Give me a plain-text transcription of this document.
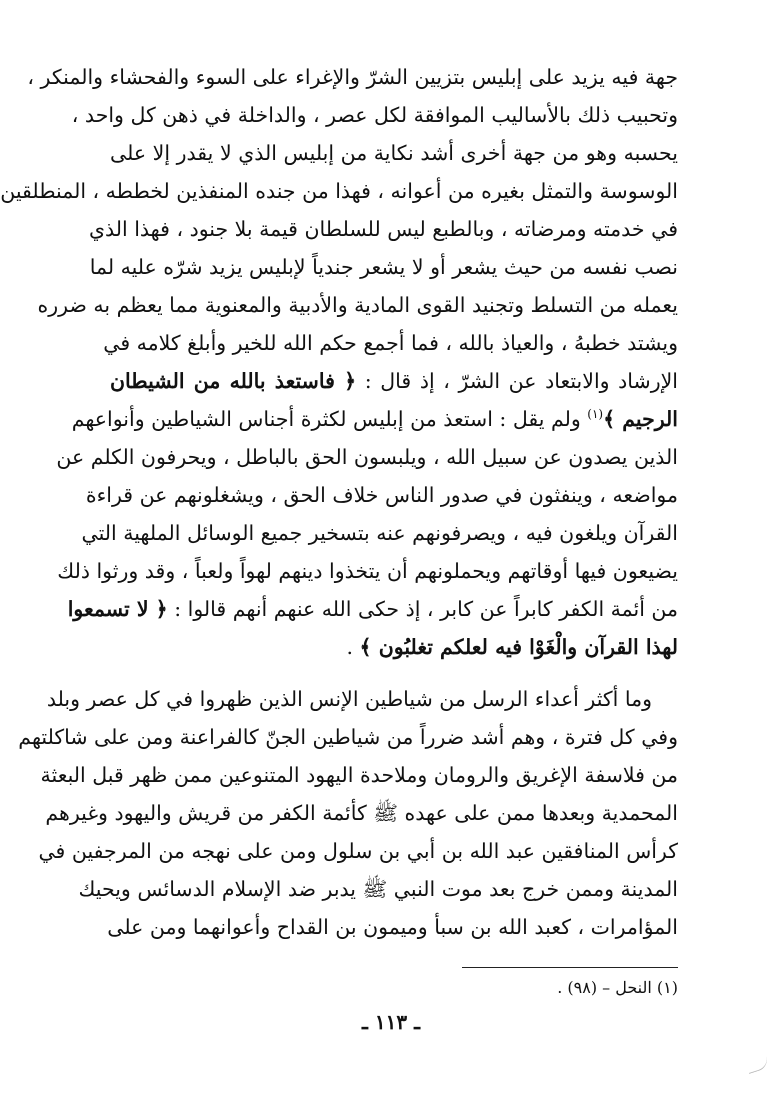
جهة فيه يزيد على إبليس بتزيين الشرّ والإغراء على السوء والفحشاء والمنكر ،
وتحبيب ذلك بالأساليب الموافقة لكل عصر ، والداخلة في ذهن كل واحد ،
يحسبه وهو من جهة أخرى أشد نكاية من إبليس الذي لا يقدر إلا على
الوسوسة والتمثل بغيره من أعوانه ، فهذا من جنده المنفذين لخططه ، المنطلقين
في خدمته ومرضاته ، وبالطبع ليس للسلطان قيمة بلا جنود ، فهذا الذي
نصب نفسه من حيث يشعر أو لا يشعر جندياً لإبليس يزيد شرّه عليه لما
يعمله من التسلط وتجنيد القوى المادية والأدبية والمعنوية مما يعظم به ضرره
ويشتد خطبهُ ، والعياذ بالله ، فما أجمع حكم الله للخير وأبلغ كلامه في
الإرشاد والابتعاد عن الشرّ ، إذ قال : ﴿ فاستعذ بالله من الشيطان
الرجيم ﴾$^{(١)}$ ولم يقل : استعذ من إبليس لكثرة أجناس الشياطين وأنواعهم
الذين يصدون عن سبيل الله ، ويلبسون الحق بالباطل ، ويحرفون الكلم عن
مواضعه ، وينفثون في صدور الناس خلاف الحق ، ويشغلونهم عن قراءة
القرآن ويلغون فيه ، ويصرفونهم عنه بتسخير جميع الوسائل الملهية التي
يضيعون فيها أوقاتهم ويحملونهم أن يتخذوا دينهم لهواً ولعباً ، وقد ورثوا ذلك
من أئمة الكفر كابراً عن كابر ، إذ حكى الله عنهم أنهم قالوا : ﴿ لا تسمعوا
لهذا القرآن والْغَوْا فيه لعلكم تغلبُون ﴾ .
وما أكثر أعداء الرسل من شياطين الإنس الذين ظهروا في كل عصر وبلد
وفي كل فترة ، وهم أشد ضرراً من شياطين الجنّ كالفراعنة ومن على شاكلتهم
من فلاسفة الإغريق والرومان وملاحدة اليهود المتنوعين ممن ظهر قبل البعثة
المحمدية وبعدها ممن على عهده ﷺ كأئمة الكفر من قريش واليهود وغيرهم
كرأس المنافقين عبد الله بن أبي بن سلول ومن على نهجه من المرجفين في
المدينة وممن خرج بعد موت النبي ﷺ يدبر ضد الإسلام الدسائس ويحيك
المؤامرات ، كعبد الله بن سبأ وميمون بن القداح وأعوانهما ومن على
(١) النحل – (٩٨) .
ـ ١١٣ ـ
